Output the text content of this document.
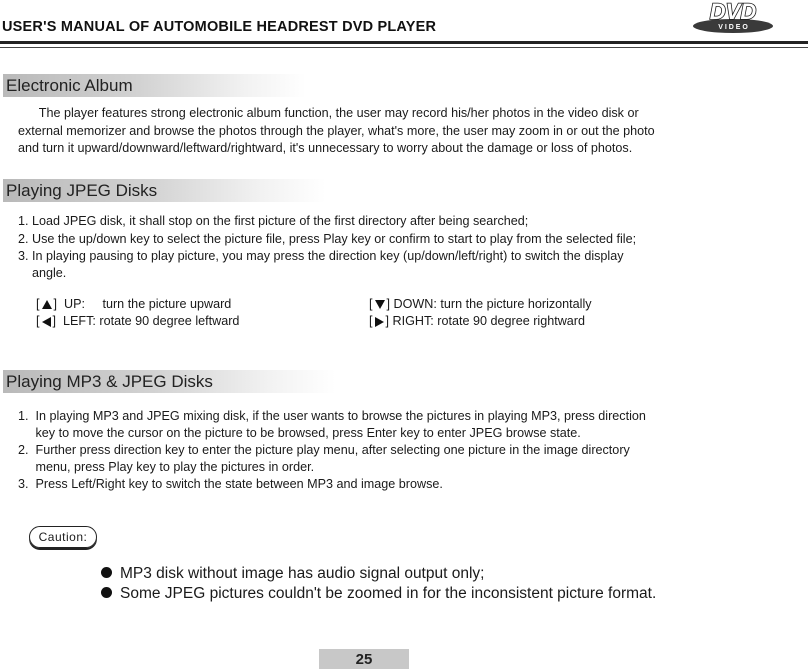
USER'S MANUAL OF AUTOMOBILE HEADREST DVD PLAYER	V I D E O
DVD
Electronic Album
The player features strong electronic album function, the user may record his/her photos in the video disk or
external memorizer and browse the photos through the player, what's more, the user may zoom in or out the photo
and turn it upward/downward/leftward/rightward, it's unnecessary to worry about the damage or loss of photos.
Playing JPEG Disks
1. Load JPEG disk, it shall stop on the first picture of the first directory after being searched;
2. Use the up/down key to select the picture file, press Play key or confirm to start to play from the selected file;
3. In playing pausing to play picture, you may press the direction key (up/down/left/right) to switch the display
angle.
[ ]  UP:     turn the picture upward
[ ]  LEFT: rotate 90 degree leftward
[ ] DOWN: turn the picture horizontally
[ ] RIGHT: rotate 90 degree rightward
Playing MP3 & JPEG Disks
1.  In playing MP3 and JPEG mixing disk, if the user wants to browse the pictures in playing MP3, press direction
key to move the cursor on the picture to be browsed, press Enter key to enter JPEG browse state.
2.  Further press direction key to enter the picture play menu, after selecting one picture in the image directory
menu, press Play key to play the pictures in order.
3.  Press Left/Right key to switch the state between MP3 and image browse.
Caution:
MP3 disk without image has audio signal output only;
Some JPEG pictures couldn't be zoomed in for the inconsistent picture format.
25
